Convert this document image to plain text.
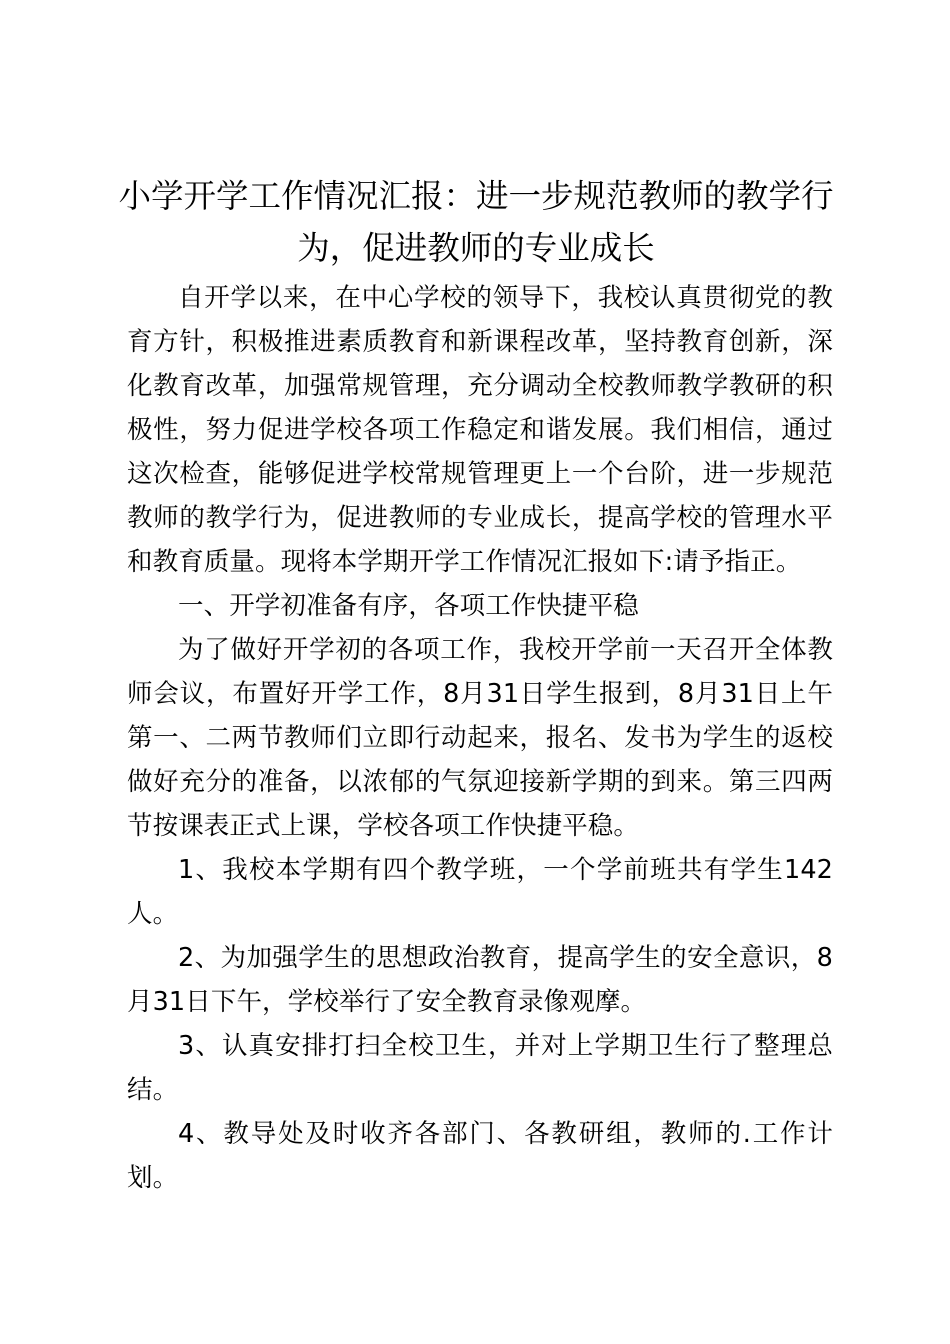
小学开学工作情况汇报：进一步规范教师的教学行为，促进教师的专业成长

自开学以来，在中心学校的领导下，我校认真贯彻党的教育方针，积极推进素质教育和新课程改革，坚持教育创新，深化教育改革，加强常规管理，充分调动全校教师教学教研的积极性，努力促进学校各项工作稳定和谐发展。我们相信，通过这次检查，能够促进学校常规管理更上一个台阶，进一步规范教师的教学行为，促进教师的专业成长，提高学校的管理水平和教育质量。现将本学期开学工作情况汇报如下:请予指正。

一、开学初准备有序，各项工作快捷平稳

为了做好开学初的各项工作，我校开学前一天召开全体教师会议，布置好开学工作，8月31日学生报到，8月31日上午第一、二两节教师们立即行动起来，报名、发书为学生的返校做好充分的准备，以浓郁的气氛迎接新学期的到来。第三四两节按课表正式上课，学校各项工作快捷平稳。

1、我校本学期有四个教学班，一个学前班共有学生142人。

2、为加强学生的思想政治教育，提高学生的安全意识，8月31日下午，学校举行了安全教育录像观摩。

3、认真安排打扫全校卫生，并对上学期卫生行了整理总结。

4、教导处及时收齐各部门、各教研组，教师的.工作计划。
